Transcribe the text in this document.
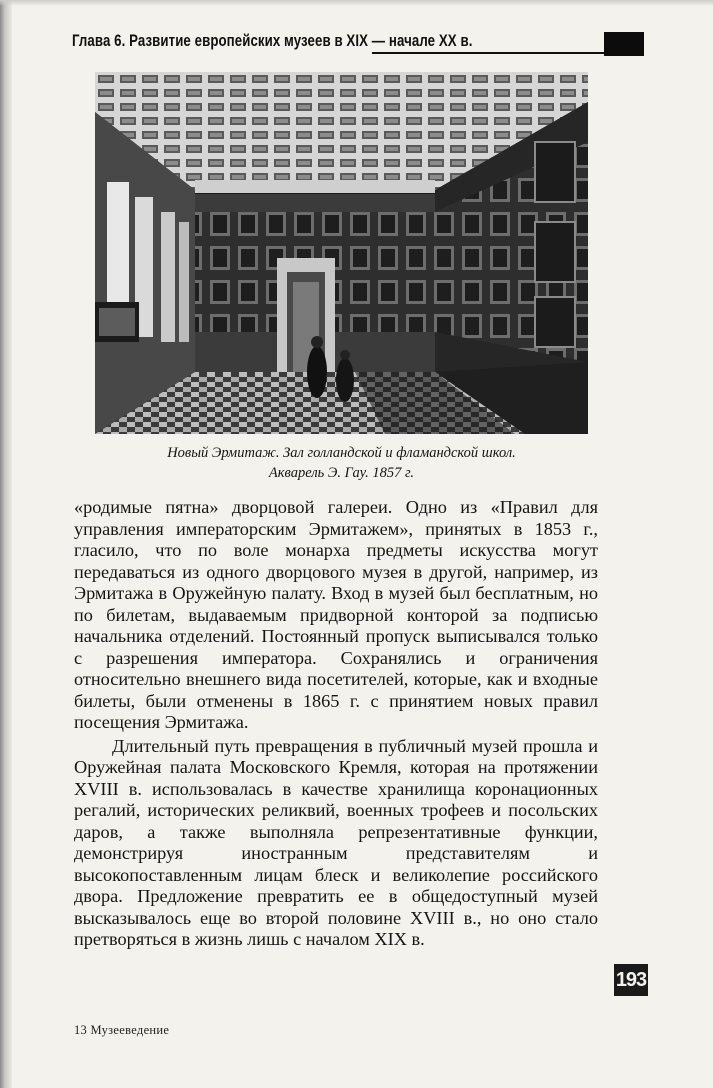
Глава 6. Развитие европейских музеев в XIX — начале XX в.
Новый Эрмитаж. Зал голландской и фламандской школ.
Акварель Э. Гау. 1857 г.

«родимые пятна» дворцовой галереи. Одно из «Правил для управления императорским Эрмитажем», принятых в 1853 г., гласило, что по воле монарха предметы искусства могут передаваться из одного дворцового музея в другой, например, из Эрмитажа в Оружейную палату. Вход в музей был бесплатным, но по билетам, выдаваемым придворной конторой за подписью начальника отделений. Постоянный пропуск выписывался только с разрешения императора. Сохранялись и ограничения относительно внешнего вида посетителей, которые, как и входные билеты, были отменены в 1865 г. с принятием новых правил посещения Эрмитажа.

Длительный путь превращения в публичный музей прошла и Оружейная палата Московского Кремля, которая на протяжении XVIII в. использовалась в качестве хранилища коронационных регалий, исторических реликвий, военных трофеев и посольских даров, а также выполняла репрезентативные функции, демонстрируя иностранным представителям и высокопоставленным лицам блеск и великолепие российского двора. Предложение превратить ее в общедоступный музей высказывалось еще во второй половине XVIII в., но оно стало претворяться в жизнь лишь с началом XIX в.

193
13 Музееведение
